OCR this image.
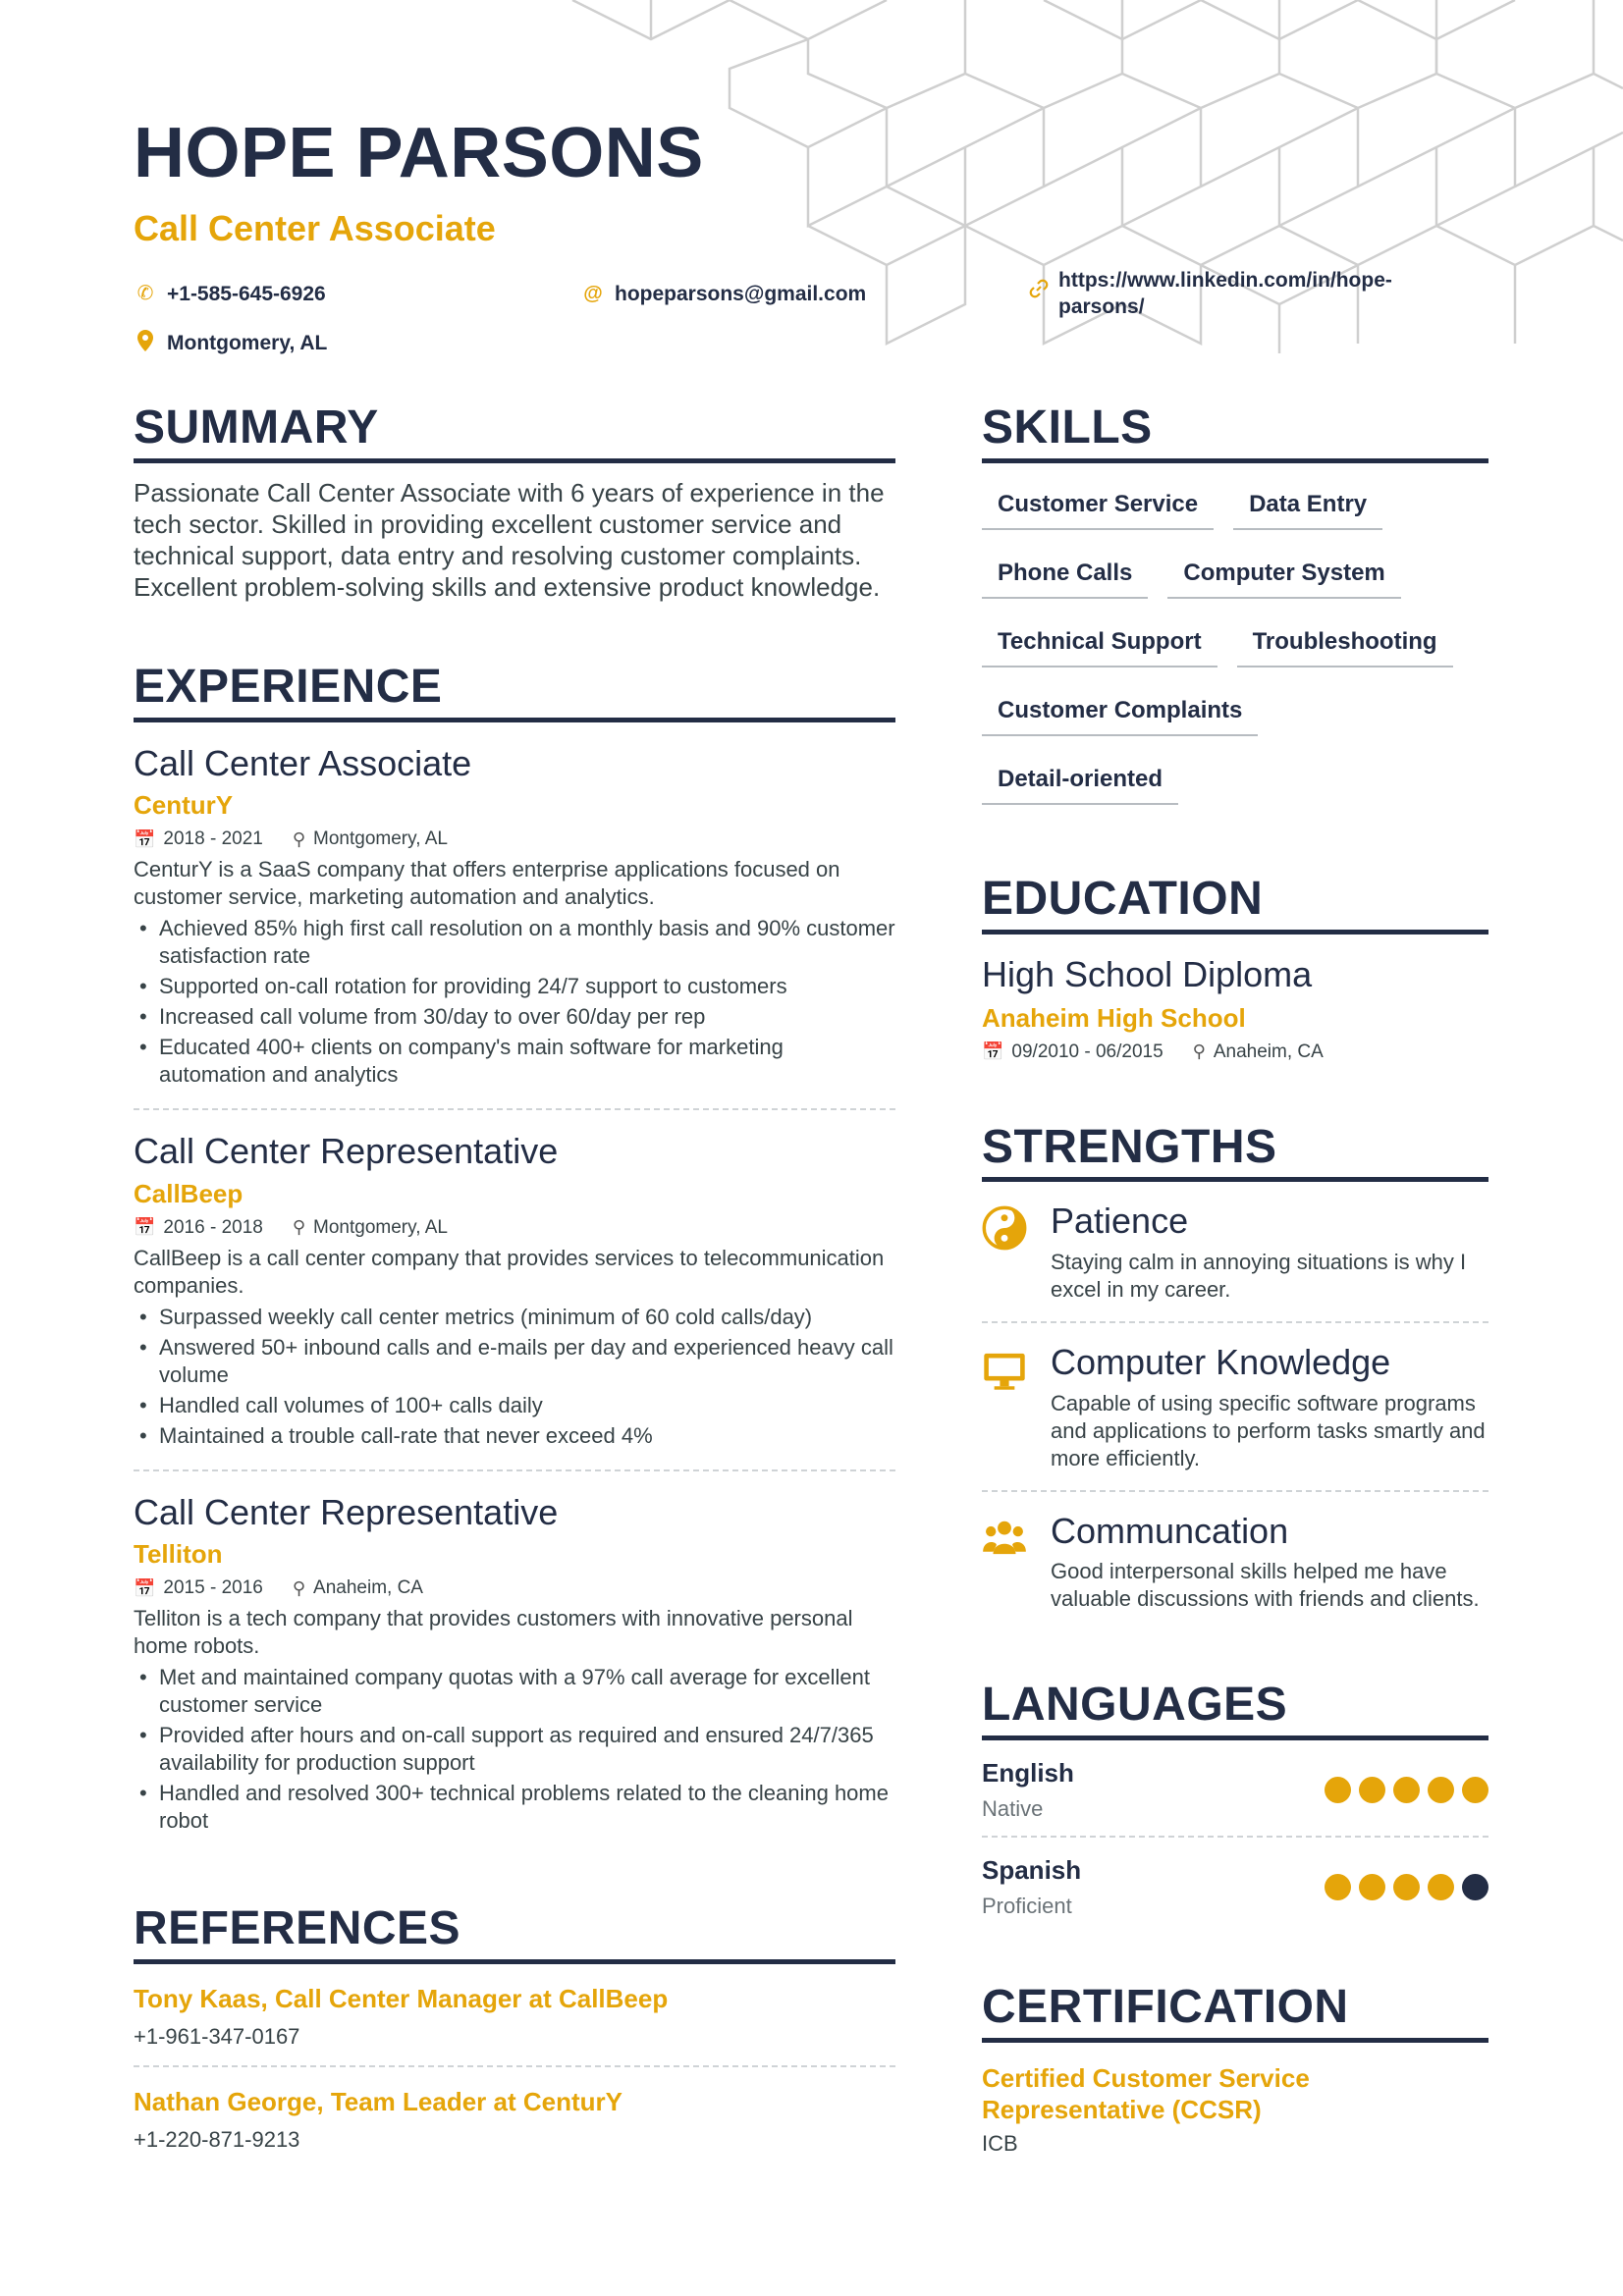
HOPE PARSONS
Call Center Associate
✆ +1-585-645-6926	@ hopeparsons@gmail.com
https://www.linkedin.com/in/hope-parsons/
Montgomery, AL
SUMMARY
Passionate Call Center Associate with 6 years of experience in the tech sector. Skilled in providing excellent customer service and technical support, data entry and resolving customer complaints. Excellent problem-solving skills and extensive product knowledge.
EXPERIENCE
Call Center Associate
CenturY
📅 2018 - 2021 ⚲ Montgomery, AL
CenturY is a SaaS company that offers enterprise applications focused on customer service, marketing automation and analytics.
• Achieved 85% high first call resolution on a monthly basis and 90% customer satisfaction rate
• Supported on-call rotation for providing 24/7 support to customers
• Increased call volume from 30/day to over 60/day per rep
• Educated 400+ clients on company's main software for marketing automation and analytics
Call Center Representative
CallBeep
📅 2016 - 2018 ⚲ Montgomery, AL
CallBeep is a call center company that provides services to telecommunication companies.
• Surpassed weekly call center metrics (minimum of 60 cold calls/day)
• Answered 50+ inbound calls and e-mails per day and experienced heavy call volume
• Handled call volumes of 100+ calls daily
• Maintained a trouble call-rate that never exceed 4%
Call Center Representative
Telliton
📅 2015 - 2016 ⚲ Anaheim, CA
Telliton is a tech company that provides customers with innovative personal home robots.
• Met and maintained company quotas with a 97% call average for excellent customer service
• Provided after hours and on-call support as required and ensured 24/7/365 availability for production support
• Handled and resolved 300+ technical problems related to the cleaning home robot
REFERENCES
Tony Kaas, Call Center Manager at CallBeep
+1-961-347-0167
Nathan George, Team Leader at CenturY
+1-220-871-9213
SKILLS
Customer Service	Data Entry
Phone Calls	Computer System
Technical Support	Troubleshooting
Customer Complaints
Detail-oriented
EDUCATION
High School Diploma
Anaheim High School
📅 09/2010 - 06/2015 ⚲ Anaheim, CA
STRENGTHS
Patience
Staying calm in annoying situations is why I excel in my career.
Computer Knowledge
Capable of using specific software programs and applications to perform tasks smartly and more efficiently.
Communcation
Good interpersonal skills helped me have valuable discussions with friends and clients.
LANGUAGES
English
Native
Spanish
Proficient
CERTIFICATION
Certified Customer Service Representative (CCSR)
ICB
